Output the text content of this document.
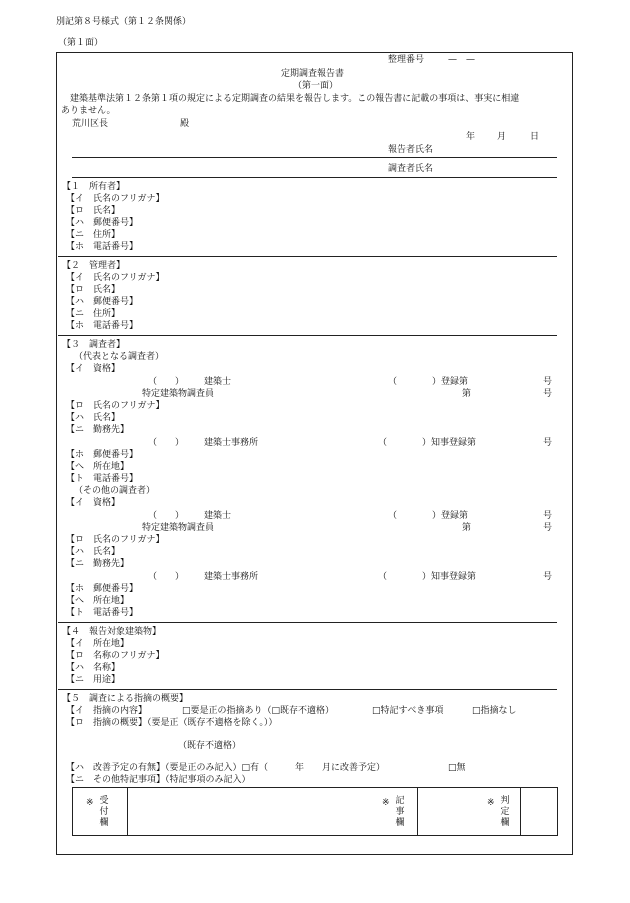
別記第８号様式（第１２条関係）
（第１面）
整理番号	—　—
定期調査報告書
（第一面）
建築基準法第１２条第１項の規定による定期調査の結果を報告します。この報告書に記載の事項は、事実に相違
ありません。
荒川区長	殿
年 月	日
報告者氏名
調査者氏名
【１　所有者】
【イ　氏名のフリガナ】
【ロ　氏名】
【ハ　郵便番号】
【ニ　住所】
【ホ　電話番号】
【２　管理者】
【イ　氏名のフリガナ】
【ロ　氏名】
【ハ　郵便番号】
【ニ　住所】
【ホ　電話番号】
【３　調査者】
（代表となる調査者）
【イ　資格】
（　　） 建築士	（	）登録第	号
特定建築物調査員	第	号
【ロ　氏名のフリガナ】
【ハ　氏名】
【ニ　勤務先】
（　　） 建築士事務所	（	）知事登録第	号
【ホ　郵便番号】
【へ　所在地】
【ト　電話番号】
（その他の調査者）
【イ　資格】
（　　） 建築士	（	）登録第	号
特定建築物調査員	第	号
【ロ　氏名のフリガナ】
【ハ　氏名】
【ニ　勤務先】
（　　） 建築士事務所	（	）知事登録第	号
【ホ　郵便番号】
【へ　所在地】
【ト　電話番号】
【４　報告対象建築物】
【イ　所在地】
【ロ　名称のフリガナ】
【ハ　名称】
【ニ　用途】
【５　調査による指摘の概要】
【イ　指摘の内容】	□要是正の指摘あり（□既存不適格）	□特記すべき事項	□指摘なし
【ロ　指摘の概要】（要是正（既存不適格を除く。））
（既存不適格）
【ハ　改善予定の有無】（要是正のみ記入）□有（　　　年　　月に改善予定）	□無
【ニ　その他特記事項】（特記事項のみ記入）
※ 受付欄
※ 記事欄
※ 判定欄
